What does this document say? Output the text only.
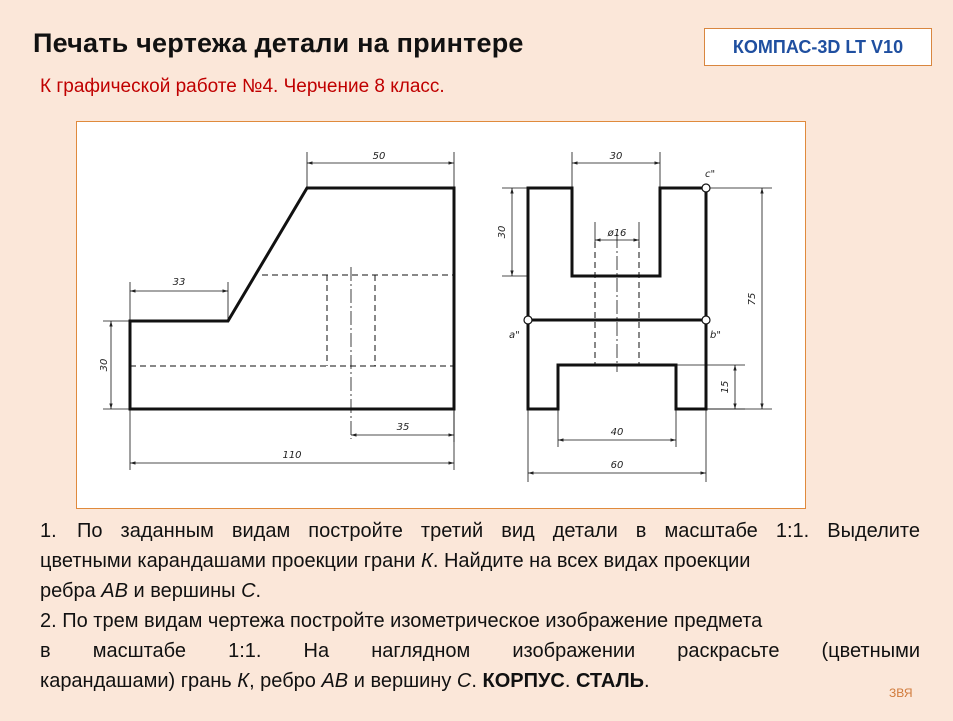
Печать чертежа детали на принтере	КОМПАС-3D LT V10
К графической работе №4. Черчение 8 класс.
50
33
30
35
110
30
30	ø16
75
15
40
60
c"
a"	b"

1. По заданным видам постройте третий вид детали в масштабе 1:1. Выделите

цветными карандашами проекции грани К. Найдите на всех видах проекции

ребра АВ и вершины С.

2. По трем видам чертежа постройте изометрическое изображение предмета

в масштабе 1:1. На наглядном изображении раскрасьте (цветными

карандашами) грань К, ребро АВ и вершину С. КОРПУС. СТАЛЬ.

ЗВЯ
